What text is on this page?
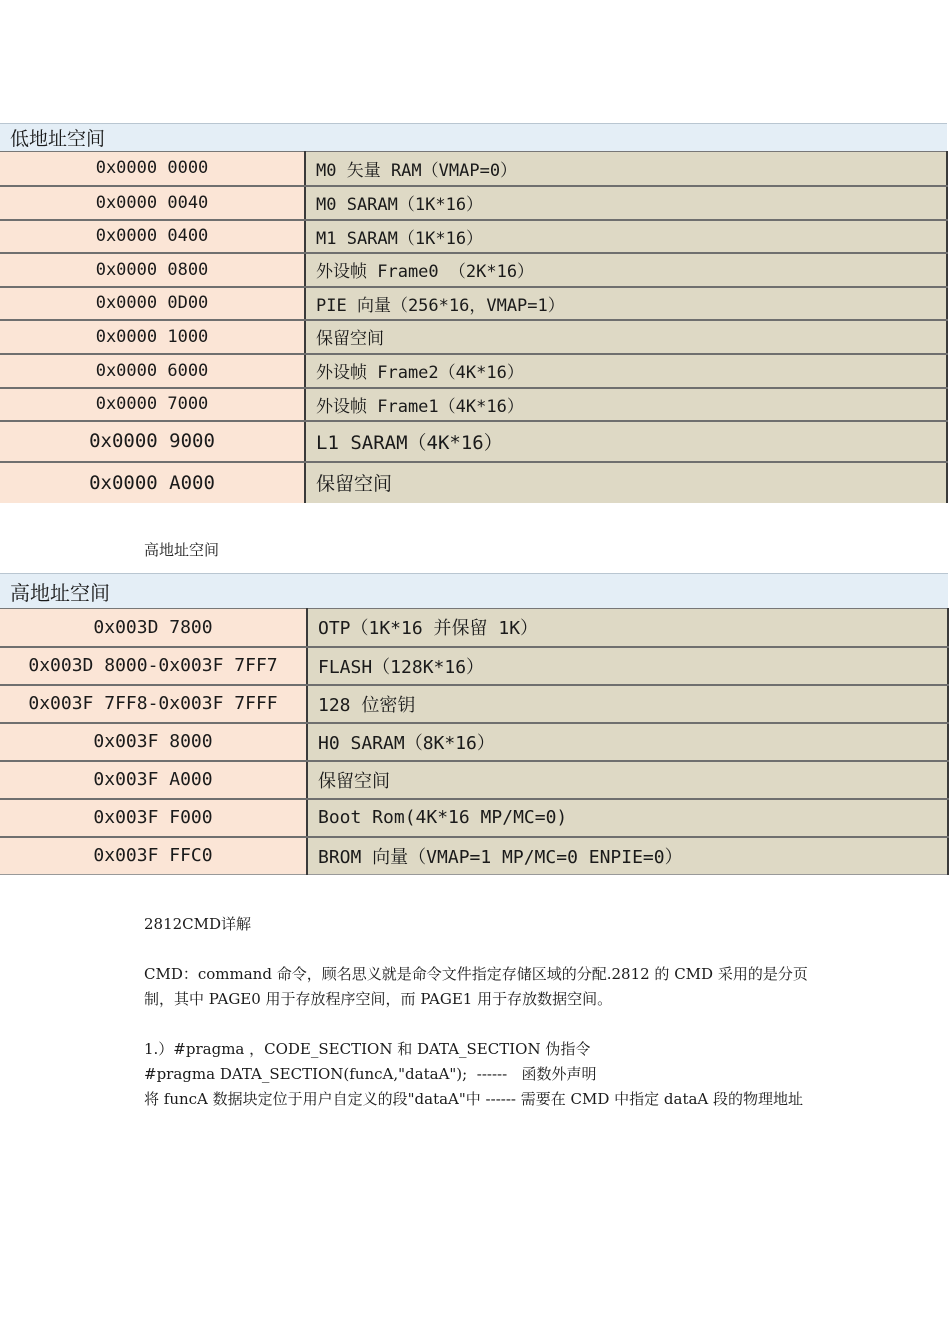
低地址空间	
0x0000 0000	M0 矢量 RAM（VMAP=0）
0x0000 0040	M0 SARAM（1K*16）
0x0000 0400	M1 SARAM（1K*16）
0x0000 0800	外设帧 Frame0 （2K*16）
0x0000 0D00	PIE 向量（256*16，VMAP=1）
0x0000 1000	保留空间
0x0000 6000	外设帧 Frame2（4K*16）
0x0000 7000	外设帧 Frame1（4K*16）
0x0000 9000	L1 SARAM（4K*16）
0x0000 A000	保留空间

高地址空间

高地址空间	
0x003D 7800	OTP（1K*16 并保留 1K）
0x003D 8000-0x003F 7FF7	FLASH（128K*16）
0x003F 7FF8-0x003F 7FFF	128 位密钥
0x003F 8000	H0 SARAM（8K*16）
0x003F A000	保留空间
0x003F F000	Boot Rom(4K*16 MP/MC=0)
0x003F FFC0	BROM 向量（VMAP=1 MP/MC=0 ENPIE=0）

2812CMD详解

CMD：command 命令，顾名思义就是命令文件指定存储区域的分配.2812 的 CMD 采用的是分页制，其中 PAGE0 用于存放程序空间，而 PAGE1 用于存放数据空间。

1.）#pragma ，CODE_SECTION 和 DATA_SECTION 伪指令

#pragma DATA_SECTION(funcA,"dataA");  ------   函数外声明

将 funcA 数据块定位于用户自定义的段"dataA"中 ------ 需要在 CMD 中指定 dataA 段的物理地址
